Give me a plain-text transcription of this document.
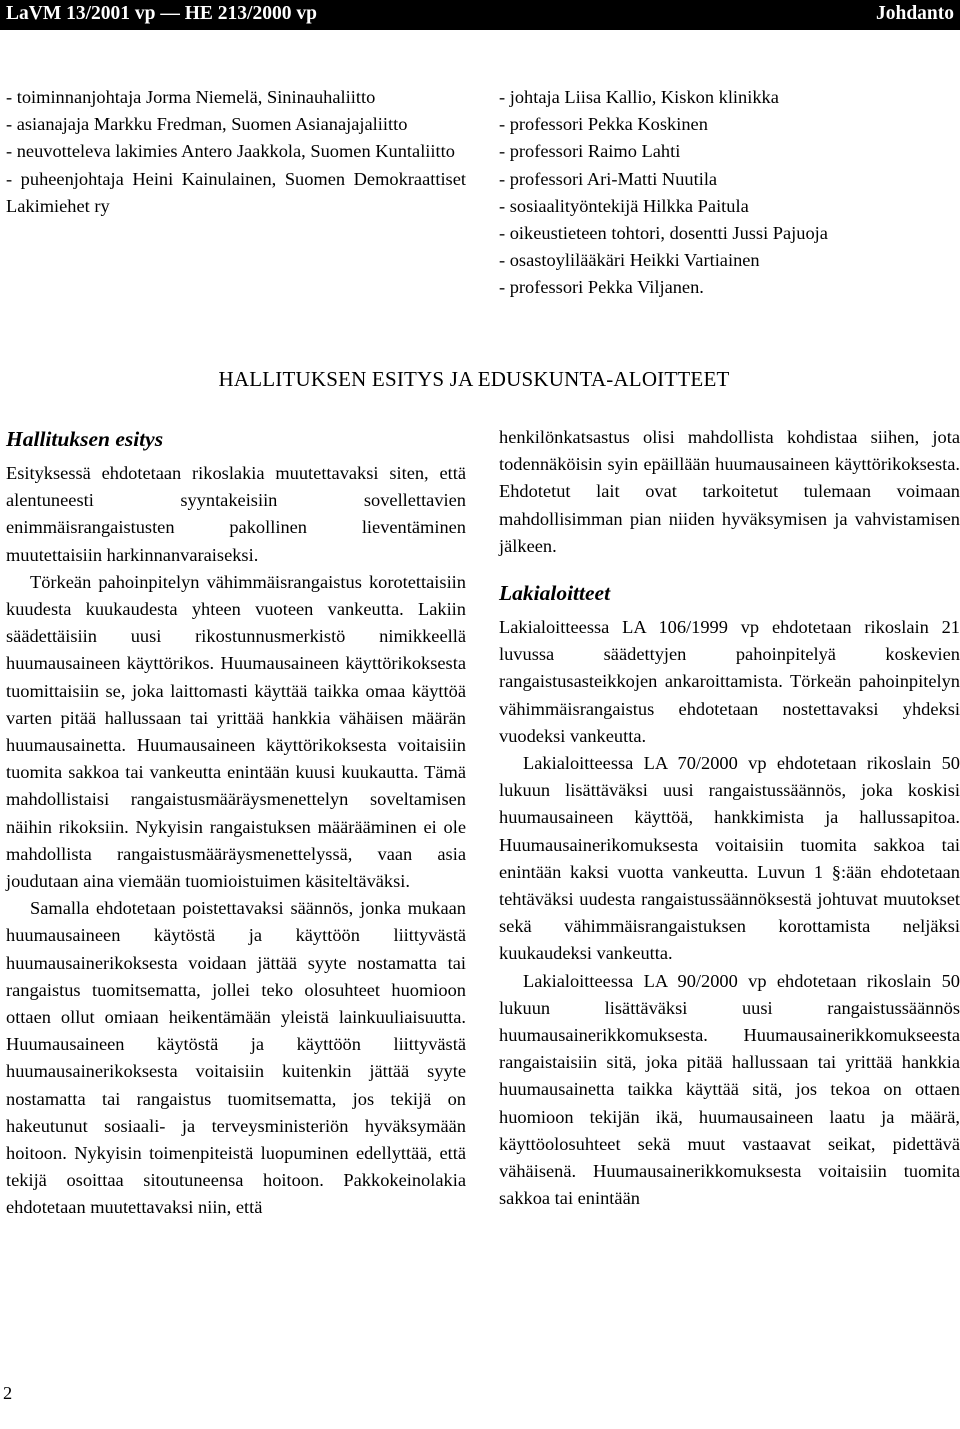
LaVM 13/2001 vp — HE 213/2000 vp	Johdanto
- toiminnanjohtaja Jorma Niemelä, Sininauhaliitto
- asianajaja Markku Fredman, Suomen Asianajajaliitto
- neuvotteleva lakimies Antero Jaakkola, Suomen Kuntaliitto
- puheenjohtaja Heini Kainulainen, Suomen Demokraattiset Lakimiehet ry
- johtaja Liisa Kallio, Kiskon klinikka
- professori Pekka Koskinen
- professori Raimo Lahti
- professori Ari-Matti Nuutila
- sosiaalityöntekijä Hilkka Paitula
- oikeustieteen tohtori, dosentti Jussi Pajuoja
- osastoylilääkäri Heikki Vartiainen
- professori Pekka Viljanen.
HALLITUKSEN ESITYS JA EDUSKUNTA-ALOITTEET
Hallituksen esitys

Esityksessä ehdotetaan rikoslakia muutettavaksi siten, että alentuneesti syyntakeisiin sovellettavien enimmäisrangaistusten pakollinen lieventäminen muutettaisiin harkinnanvaraiseksi.

Törkeän pahoinpitelyn vähimmäisrangaistus korotettaisiin kuudesta kuukaudesta yhteen vuoteen vankeutta. Lakiin säädettäisiin uusi rikostunnusmerkistö nimikkeellä huumausaineen käyttörikos. Huumausaineen käyttörikoksesta tuomittaisiin se, joka laittomasti käyttää taikka omaa käyttöä varten pitää hallussaan tai yrittää hankkia vähäisen määrän huumausainetta. Huumausaineen käyttörikoksesta voitaisiin tuomita sakkoa tai vankeutta enintään kuusi kuukautta. Tämä mahdollistaisi rangaistusmääräysmenettelyn soveltamisen näihin rikoksiin. Nykyisin rangaistuksen määrääminen ei ole mahdollista rangaistusmääräysmenettelyssä, vaan asia joudutaan aina viemään tuomioistuimen käsiteltäväksi.

Samalla ehdotetaan poistettavaksi säännös, jonka mukaan huumausaineen käytöstä ja käyttöön liittyvästä huumausainerikoksesta voidaan jättää syyte nostamatta tai rangaistus tuomitsematta, jollei teko olosuhteet huomioon ottaen ollut omiaan heikentämään yleistä lainkuuliaisuutta. Huumausaineen käytöstä ja käyttöön liittyvästä huumausainerikoksesta voitaisiin kuitenkin jättää syyte nostamatta tai rangaistus tuomitsematta, jos tekijä on hakeutunut sosiaali- ja terveysministeriön hyväksymään hoitoon. Nykyisin toimenpiteistä luopuminen edellyttää, että tekijä osoittaa sitoutuneensa hoitoon. Pakkokeinolakia ehdotetaan muutettavaksi niin, että

henkilönkatsastus olisi mahdollista kohdistaa siihen, jota todennäköisin syin epäillään huumausaineen käyttörikoksesta. Ehdotetut lait ovat tarkoitetut tulemaan voimaan mahdollisimman pian niiden hyväksymisen ja vahvistamisen jälkeen.

Lakialoitteet

Lakialoitteessa LA 106/1999 vp ehdotetaan rikoslain 21 luvussa säädettyjen pahoinpitelyä koskevien rangaistusasteikkojen ankaroittamista. Törkeän pahoinpitelyn vähimmäisrangaistus ehdotetaan nostettavaksi yhdeksi vuodeksi vankeutta.

Lakialoitteessa LA 70/2000 vp ehdotetaan rikoslain 50 lukuun lisättäväksi uusi rangaistussäännös, joka koskisi huumausaineen käyttöä, hankkimista ja hallussapitoa. Huumausainerikomuksesta voitaisiin tuomita sakkoa tai enintään kaksi vuotta vankeutta. Luvun 1 §:ään ehdotetaan tehtäväksi uudesta rangaistussäännöksestä johtuvat muutokset sekä vähimmäisrangaistuksen korottamista neljäksi kuukaudeksi vankeutta.

Lakialoitteessa LA 90/2000 vp ehdotetaan rikoslain 50 lukuun lisättäväksi uusi rangaistussäännös huumausainerikkomuksesta. Huumausainerikkomukseesta rangaistaisiin sitä, joka pitää hallussaan tai yrittää hankkia huumausainetta taikka käyttää sitä, jos tekoa on ottaen huomioon tekijän ikä, huumausaineen laatu ja määrä, käyttöolosuhteet sekä muut vastaavat seikat, pidettävä vähäisenä. Huumausainerikkomuksesta voitaisiin tuomita sakkoa tai enintään

2
